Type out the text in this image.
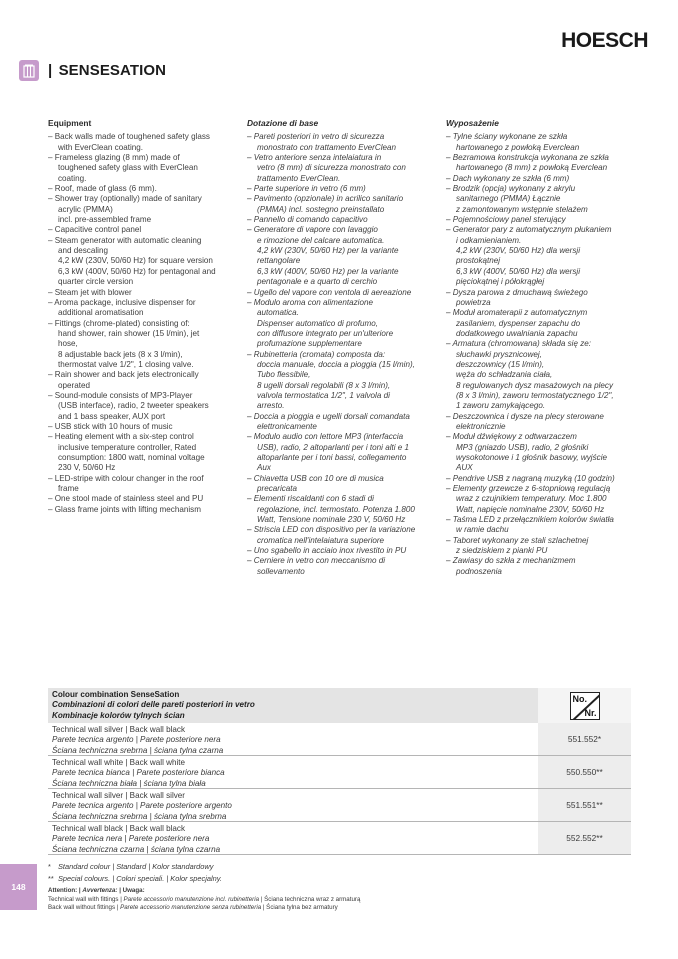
HOESCH
| SENSESATION
Equipment
– Back walls made of toughened safety glass
with EverClean coating.
– Frameless glazing (8 mm) made of
toughened safety glass with EverClean
coating.
– Roof, made of glass (6 mm).
– Shower tray (optionally) made of sanitary
acrylic (PMMA)
incl. pre-assembled frame
– Capacitive control panel
– Steam generator with automatic cleaning
and descaling
4,2 kW (230V, 50/60 Hz) for square version
6,3 kW (400V, 50/60 Hz) for pentagonal and
quarter circle version
– Steam jet with blower
– Aroma package, inclusive dispenser for
additional aromatisation
– Fittings (chrome-plated) consisting of:
hand shower, rain shower (15 l/min), jet
hose,
8 adjustable back jets (8 x 3 l/min),
thermostat valve 1/2", 1 closing valve.
– Rain shower and back jets electronically
operated
– Sound-module consists of MP3-Player
(USB interface), radio, 2 tweeter speakers
and 1 bass speaker, AUX port
– USB stick with 10 hours of music
– Heating element with a six-step control
inclusive temperature controller, Rated
consumption: 1800 watt, nominal voltage
230 V, 50/60 Hz
– LED-stripe with colour changer in the roof
frame
– One stool made of stainless steel and PU
– Glass frame joints with lifting mechanism
Dotazione di base
– Pareti posteriori in vetro di sicurezza
monostrato con trattamento EverClean
– Vetro anteriore senza intelaiatura in
vetro (8 mm) di sicurezza monostrato con
trattamento EverClean.
– Parte superiore in vetro (6 mm)
– Pavimento (opzionale) in acrilico sanitario
(PMMA) incl. sostegno preinstallato
– Pannello di comando capacitivo
– Generatore di vapore con lavaggio
e rimozione del calcare automatica.
4,2 kW (230V, 50/60 Hz) per la variante
rettangolare
6,3 kW (400V, 50/60 Hz) per la variante
pentagonale e a quarto di cerchio
– Ugello del vapore con ventola di aereazione
– Modulo aroma con alimentazione
automatica.
Dispenser automatico di profumo,
con diffusore integrato per un'ulteriore
profumazione supplementare
– Rubinetteria (cromata) composta da:
doccia manuale, doccia a pioggia (15 l/min),
Tubo flessibile,
8 ugelli dorsali regolabili (8 x 3 l/min),
valvola termostatica 1/2", 1 valvola di
arresto.
– Doccia a pioggia e ugelli dorsali comandata
elettronicamente
– Modulo audio con lettore MP3 (interfaccia
USB), radio, 2 altoparlanti per i toni alti e 1
altoparlante per i toni bassi, collegamento
Aux
– Chiavetta USB con 10 ore di musica
precaricata
– Elementi riscaldanti con 6 stadi di
regolazione, incl. termostato. Potenza 1.800
Watt, Tensione nominale 230 V, 50/60 Hz
– Striscia LED con dispositivo per la variazione
cromatica nell'intelaiatura superiore
– Uno sgabello in acciaio inox rivestito in PU
– Cerniere in vetro con meccanismo di
sollevamento
Wyposażenie
– Tylne ściany wykonane ze szkła
hartowanego z powłoką Everclean
– Bezramowa konstrukcja wykonana ze szkła
hartowanego (8 mm) z powłoką Everclean
– Dach wykonany ze szkła (6 mm)
– Brodzik (opcja) wykonany z akrylu
sanitarnego (PMMA) Łącznie
z zamontowanym wstępnie stelażem
– Pojemnościowy panel sterujący
– Generator pary z automatycznym płukaniem
i odkamienianiem.
4,2 kW (230V, 50/60 Hz) dla wersji
prostokątnej
6,3 kW (400V, 50/60 Hz) dla wersji
pięciokątnej i półokrągłej
– Dysza parowa z dmuchawą świeżego
powietrza
– Moduł aromaterapii z automatycznym
zasilaniem, dyspenser zapachu do
dodatkowego uwalniania zapachu
– Armatura (chromowana) składa się ze:
słuchawki prysznicowej,
deszczownicy (15 l/min),
węża do schładzania ciała,
8 regulowanych dysz masażowych na plecy
(8 x 3 l/min), zaworu termostatycznego 1/2",
1 zaworu zamykającego.
– Deszczownica i dysze na plecy sterowane
elektronicznie
– Moduł dźwiękowy z odtwarzaczem
MP3 (gniazdo USB), radio, 2 głośniki
wysokotonowe i 1 głośnik basowy, wyjście
AUX
– Pendrive USB z nagraną muzyką (10 godzin)
– Elementy grzewcze z 6-stopniową regulacją
wraz z czujnikiem temperatury. Moc 1.800
Watt, napięcie nominalne 230V, 50/60 Hz
– Taśma LED z przełącznikiem kolorów światła
w ramie dachu
– Taboret wykonany ze stali szlachetnej
z siedziskiem z pianki PU
– Zawiasy do szkła z mechanizmem
podnoszenia
Colour combination SenseSation
Combinazioni di colori delle pareti posteriori in vetro
Kombinacje kolorów tylnych ścian
No.
Nr.
Technical wall silver | Back wall black
Parete tecnica argento | Parete posteriore nera
Ściana techniczna srebrna | ściana tylna czarna
551.552*
Technical wall white | Back wall white
Parete tecnica bianca | Parete posteriore bianca
Ściana techniczna biała | ściana tylna biała
550.550**
Technical wall silver | Back wall silver
Parete tecnica argento | Parete posteriore argento
Ściana techniczna srebrna | ściana tylna srebrna
551.551**
Technical wall black | Back wall black
Parete tecnica nera | Parete posteriore nera
Ściana techniczna czarna | ściana tylna czarna
552.552**
* Standard colour | Standard | Kolor standardowy
** Special colours. | Colori speciali. | Kolor specjalny.
Attention: | Avvertenza: | Uwaga:
Technical wall with fittings | Parete accessorio manutenzione incl. rubinetteria | Ściana techniczna wraz z armaturą
Back wall without fittings | Parete accessorio manutenzione senza rubinetteria | Ściana tylna bez armatury
148
